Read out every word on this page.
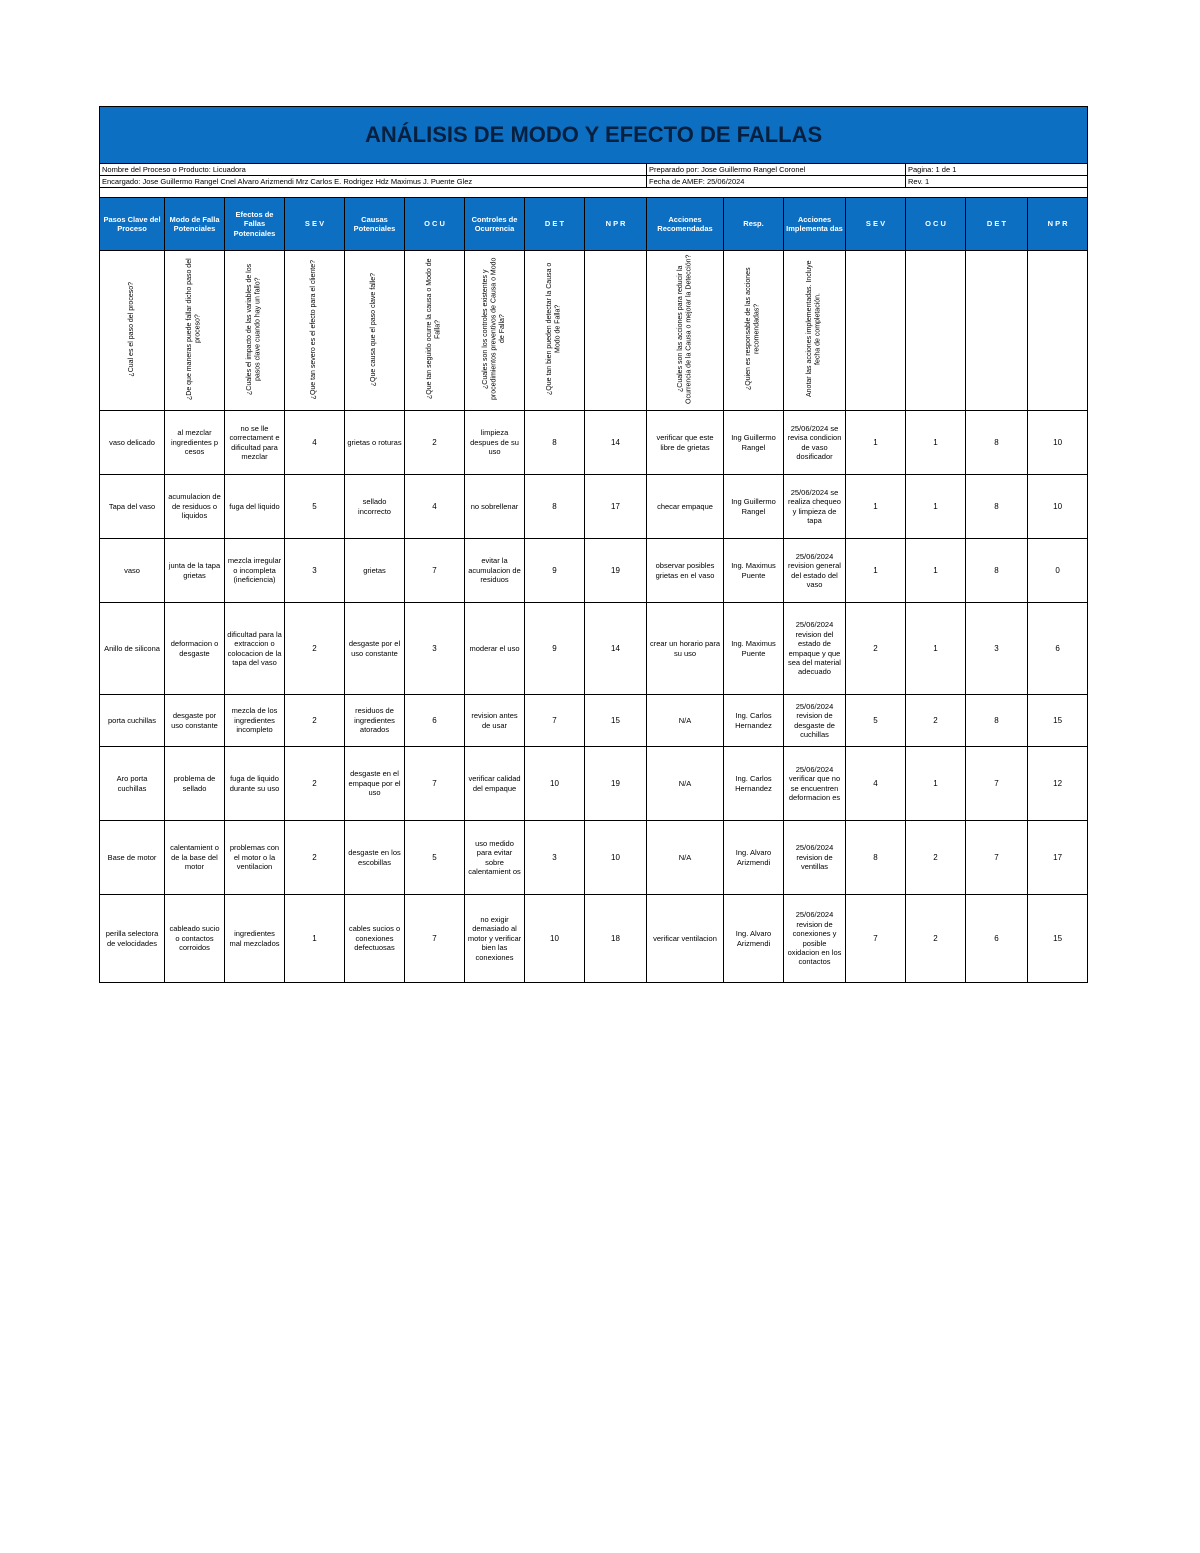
ANÁLISIS DE MODO Y EFECTO DE FALLAS															
Nombre del Proceso o Producto: Licuadora									Preparado por: Jose Guillermo Rangel Coronel				Pagina: 1 de 1		
Encargado: Jose Guillermo Rangel Cnel Alvaro Arizmendi Mrz Carlos E. Rodrigez Hdz Maximus J. Puente Glez									Fecha de AMEF: 25/06/2024				Rev. 1		

Pasos Clave del Proceso	Modo de Falla Potenciales	Efectos de Fallas Potenciales	S E V	Causas Potenciales	O C U	Controles de Ocurrencia	D E T	N P R	Acciones Recomendadas	Resp.	Acciones Implementa das	S E V	O C U	D E T	N P R
¿Cual es el paso del proceso?	¿De que maneras puede fallar dicho paso del proceso?	¿Cuales el impacto de las variables de los pasos clave cuando hay un fallo?	¿Que tan severo es el efecto para el cliente?	¿Que causa que el paso clave falle?	¿Que tan seguido ocurre la causa o Modo de Falla?	¿Cuales son los controles existentes y procedimientos preventivos de Causa o Modo de Falla?	¿Que tan bien pueden detectar la Causa o Modo de Falla?		¿Cuales son las acciones para reducir la Ocurrencia de la Causa o mejorar la Detección?	¿Quien es responsable de las acciones recomendadas?	Anotar las acciones implementadas. Incluye fecha de completación.				
vaso delicado	al mezclar ingredientes p cesos	no se lle correctament e dificultad para mezclar	4	grietas o roturas	2	limpieza despues de su uso	8	14	verificar que este libre de grietas	Ing Guillermo Rangel	25/06/2024 se revisa condicion de vaso dosificador	1	1	8	10
Tapa del vaso	acumulacion de de residuos o liquidos	fuga del liquido	5	sellado incorrecto	4	no sobrellenar	8	17	checar empaque	Ing Guillermo Rangel	25/06/2024 se realiza chequeo y limpieza de tapa	1	1	8	10
vaso	junta de la tapa grietas	mezcla irregular o incompleta (ineficiencia)	3	grietas	7	evitar la acumulacion de residuos	9	19	observar posibles grietas en el vaso	Ing. Maximus Puente	25/06/2024 revision general del estado del vaso	1	1	8	0
Anillo de silicona	deformacion o desgaste	dificultad para la extraccion o colocacion de la tapa del vaso	2	desgaste por el uso constante	3	moderar el uso	9	14	crear un horario para su uso	Ing. Maximus Puente	25/06/2024 revision del estado de empaque y que sea del material adecuado	2	1	3	6
porta cuchillas	desgaste por uso constante	mezcla de los ingredientes incompleto	2	residuos de ingredientes atorados	6	revision antes de usar	7	15	N/A	Ing. Carlos Hernandez	25/06/2024 revision de desgaste de cuchillas	5	2	8	15
Aro porta cuchillas	problema de sellado	fuga de liquido durante su uso	2	desgaste en el empaque por el uso	7	verificar calidad del empaque	10	19	N/A	Ing. Carlos Hernandez	25/06/2024 verificar que no se encuentren deformacion es	4	1	7	12
Base de motor	calentamient o de la base del motor	problemas con el motor o la ventilacion	2	desgaste en los escobillas	5	uso medido para evitar sobre calentamient os	3	10	N/A	Ing. Alvaro Arizmendi	25/06/2024 revision de ventillas	8	2	7	17
perilla selectora de velocidades	cableado sucio o contactos corroidos	ingredientes mal mezclados	1	cables sucios o conexiones defectuosas	7	no exigir demasiado al motor y verificar bien las conexiones	10	18	verificar ventilacion	Ing. Alvaro Arizmendi	25/06/2024 revision de conexiones y posible oxidacion en los contactos	7	2	6	15
